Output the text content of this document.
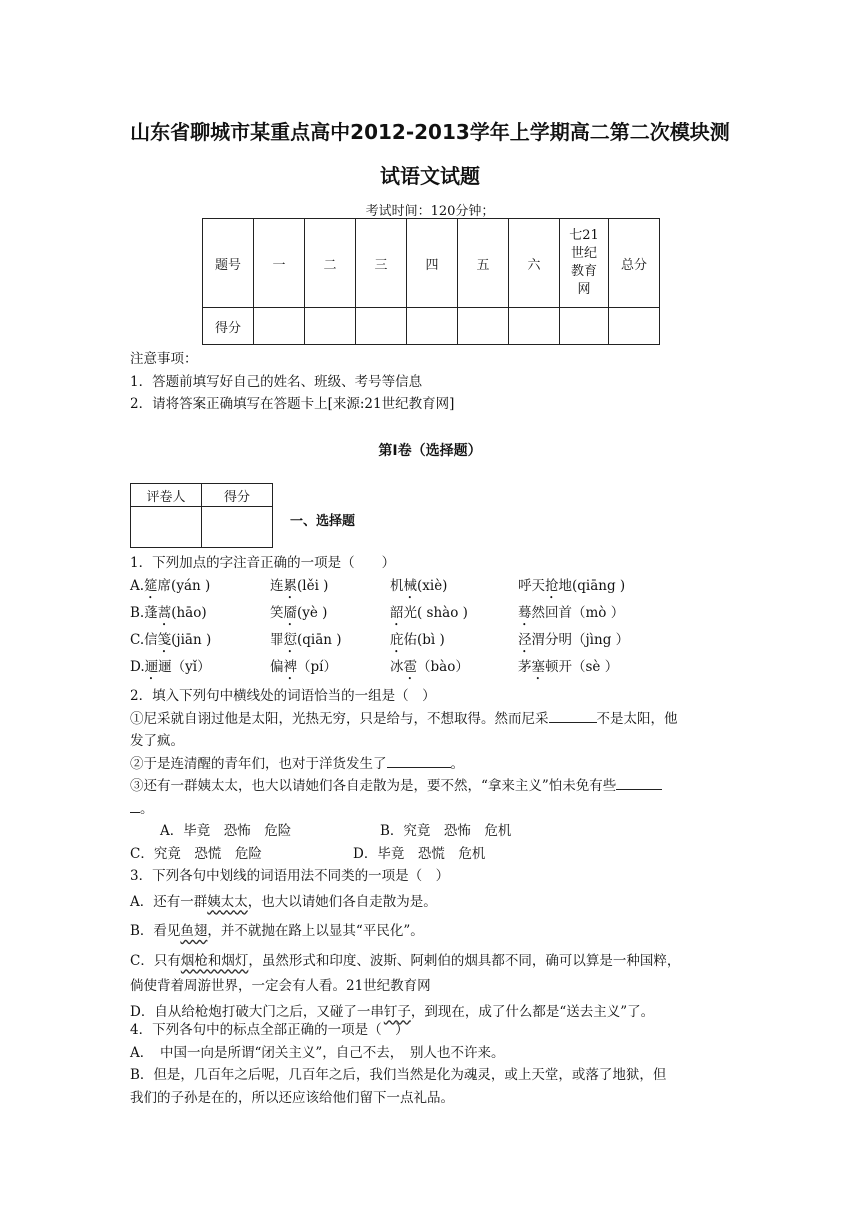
山东省聊城市某重点高中2012-2013学年上学期高二第二次模块测
试语文试题
考试时间：120分钟；
题号	一	二	三	四	五	六	七21
世纪
教育
网	总分
得分								

注意事项：

1．答题前填写好自己的姓名、班级、考号等信息

2．请将答案正确填写在答题卡上[来源:21世纪教育网]

第Ⅰ卷（选择题）
评卷人	得分

一、选择题

1．下列加点的字注音正确的一项是（　　）

A.筵席(yán )	连累(lěi )	机械(xiè)	呼天抢地(qiāng )
B.蓬蒿(hāo)	笑靥(yè )	韶光( shào )	蓦然回首（mò ）
C.信笺(jiān )	罪愆(qiān )	庇佑(bì )	泾渭分明（jìng ）
D.逦逦（yǐ）	偏裨（pí）	冰雹（bào）	茅塞顿开（sè ）

2．填入下列句中横线处的词语恰当的一组是（　）

①尼采就自诩过他是太阳，光热无穷，只是给与，不想取得。然而尼采	不是太阳，他

发了疯。

②于是连清醒的青年们，也对于洋货发生了	。

③还有一群姨太太，也大以请她们各自走散为是，要不然，“拿来主义”怕未免有些

。

A．毕竟　恐怖　危险	B．究竟　恐怖　危机

C．究竟　恐慌　危险	D．毕竟　恐慌　危机

3．下列各句中划线的词语用法不同类的一项是（　）

A．还有一群姨太太，也大以请她们各自走散为是。

B．看见鱼翅，并不就抛在路上以显其“平民化”。

C．只有烟枪和烟灯，虽然形式和印度、波斯、阿剌伯的烟具都不同，确可以算是一种国粹，

倘使背着周游世界，一定会有人看。21世纪教育网

D．自从给枪炮打破大门之后，又碰了一串钉子，到现在，成了什么都是“送去主义”了。

4．下列各句中的标点全部正确的一项是（　）

A．　中国一向是所谓“闭关主义”，自己不去，　别人也不许来。

B．但是，几百年之后呢，几百年之后，我们当然是化为魂灵，或上天堂，或落了地狱，但

我们的子孙是在的，所以还应该给他们留下一点礼品。
